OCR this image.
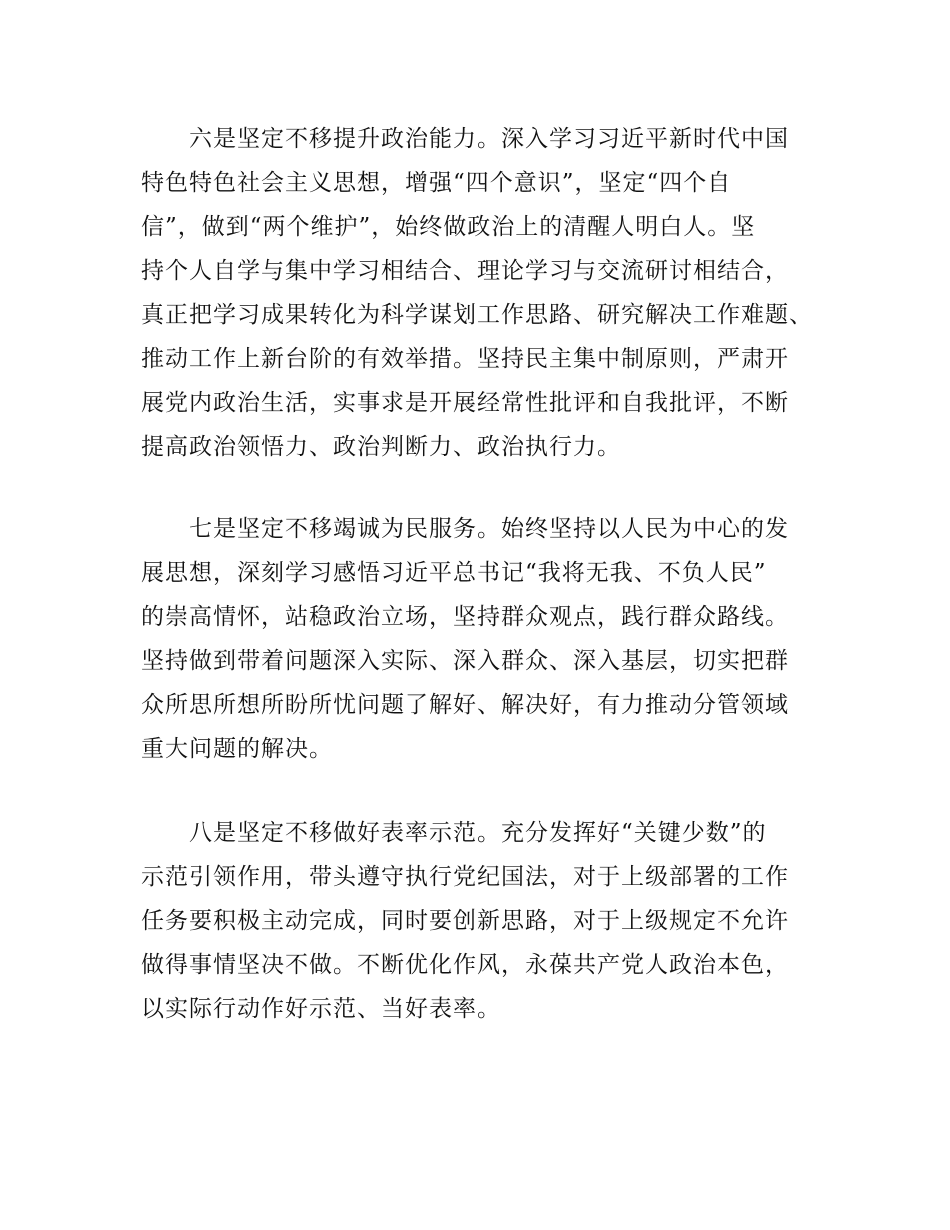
六是坚定不移提升政治能力。深入学习习近平新时代中国
特色特色社会主义思想，增强“四个意识”，坚定“四个自
信”，做到“两个维护”，始终做政治上的清醒人明白人。坚
持个人自学与集中学习相结合、理论学习与交流研讨相结合，
真正把学习成果转化为科学谋划工作思路、研究解决工作难题、
推动工作上新台阶的有效举措。坚持民主集中制原则，严肃开
展党内政治生活，实事求是开展经常性批评和自我批评，不断
提高政治领悟力、政治判断力、政治执行力。
七是坚定不移竭诚为民服务。始终坚持以人民为中心的发
展思想，深刻学习感悟习近平总书记“我将无我、不负人民”
的崇高情怀，站稳政治立场，坚持群众观点，践行群众路线。
坚持做到带着问题深入实际、深入群众、深入基层，切实把群
众所思所想所盼所忧问题了解好、解决好，有力推动分管领域
重大问题的解决。
八是坚定不移做好表率示范。充分发挥好“关键少数”的
示范引领作用，带头遵守执行党纪国法，对于上级部署的工作
任务要积极主动完成，同时要创新思路，对于上级规定不允许
做得事情坚决不做。不断优化作风，永葆共产党人政治本色，
以实际行动作好示范、当好表率。
